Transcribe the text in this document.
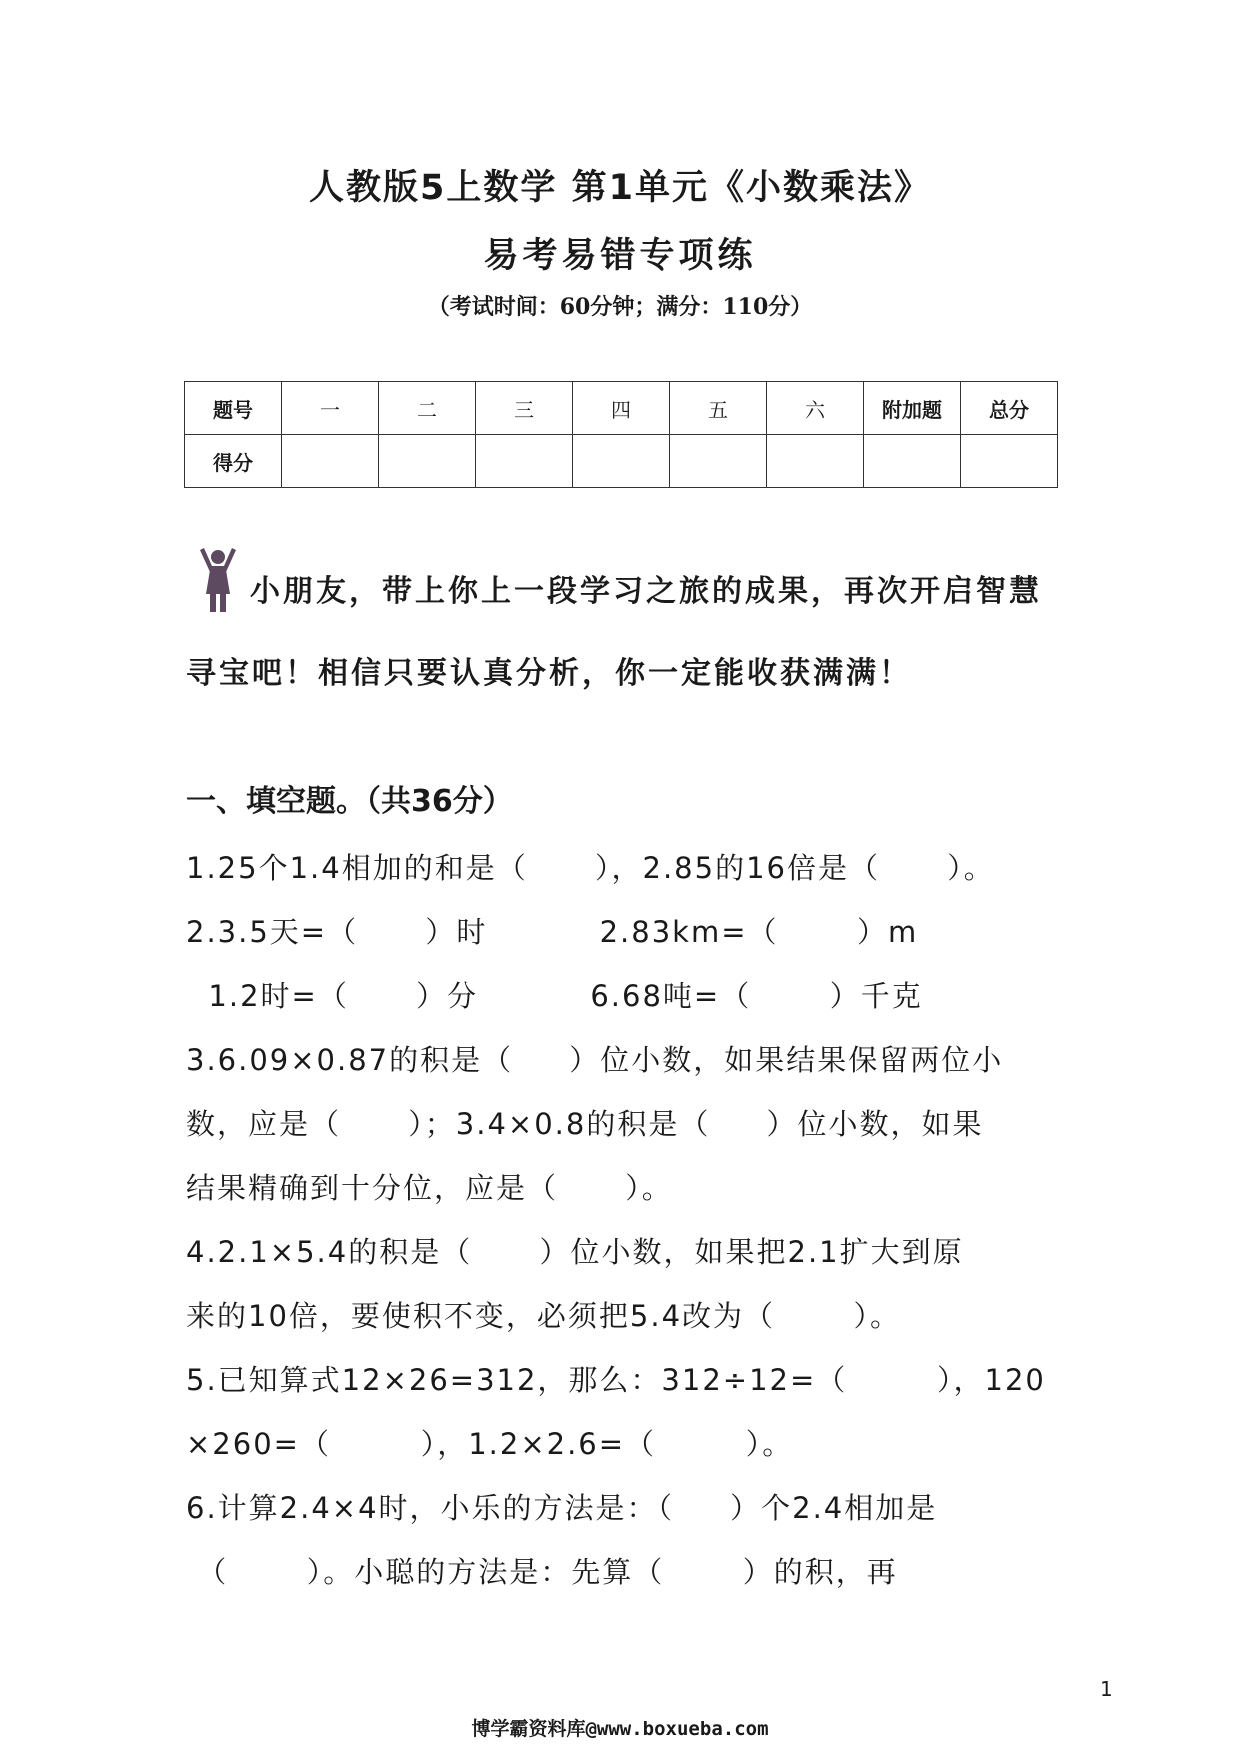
人教版5上数学 第1单元《小数乘法》
易考易错专项练
（考试时间：60分钟；满分：110分）
题号	一	二	三	四	五	六	附加题	总分
得分								
小朋友，带上你上一段学习之旅的成果，再次开启智慧
寻宝吧！相信只要认真分析，你一定能收获满满！
一、填空题。（共36分）
1.25个1.4相加的和是（      ），2.85的16倍是（      ）。
2.3.5天=（      ）时          2.83km=（       ）m
1.2时=（      ）分          6.68吨=（       ）千克
3.6.09×0.87的积是（     ）位小数，如果结果保留两位小
数，应是（      ）；3.4×0.8的积是（     ）位小数，如果
结果精确到十分位，应是（      ）。
4.2.1×5.4的积是（      ）位小数，如果把2.1扩大到原
来的10倍，要使积不变，必须把5.4改为（       ）。
5.已知算式12×26=312，那么：312÷12=（        ），120
×260=（        ），1.2×2.6=（        ）。
6.计算2.4×4时，小乐的方法是：（     ）个2.4相加是
（       ）。小聪的方法是：先算（       ）的积，再
1
博学霸资料库@www.boxueba.com
